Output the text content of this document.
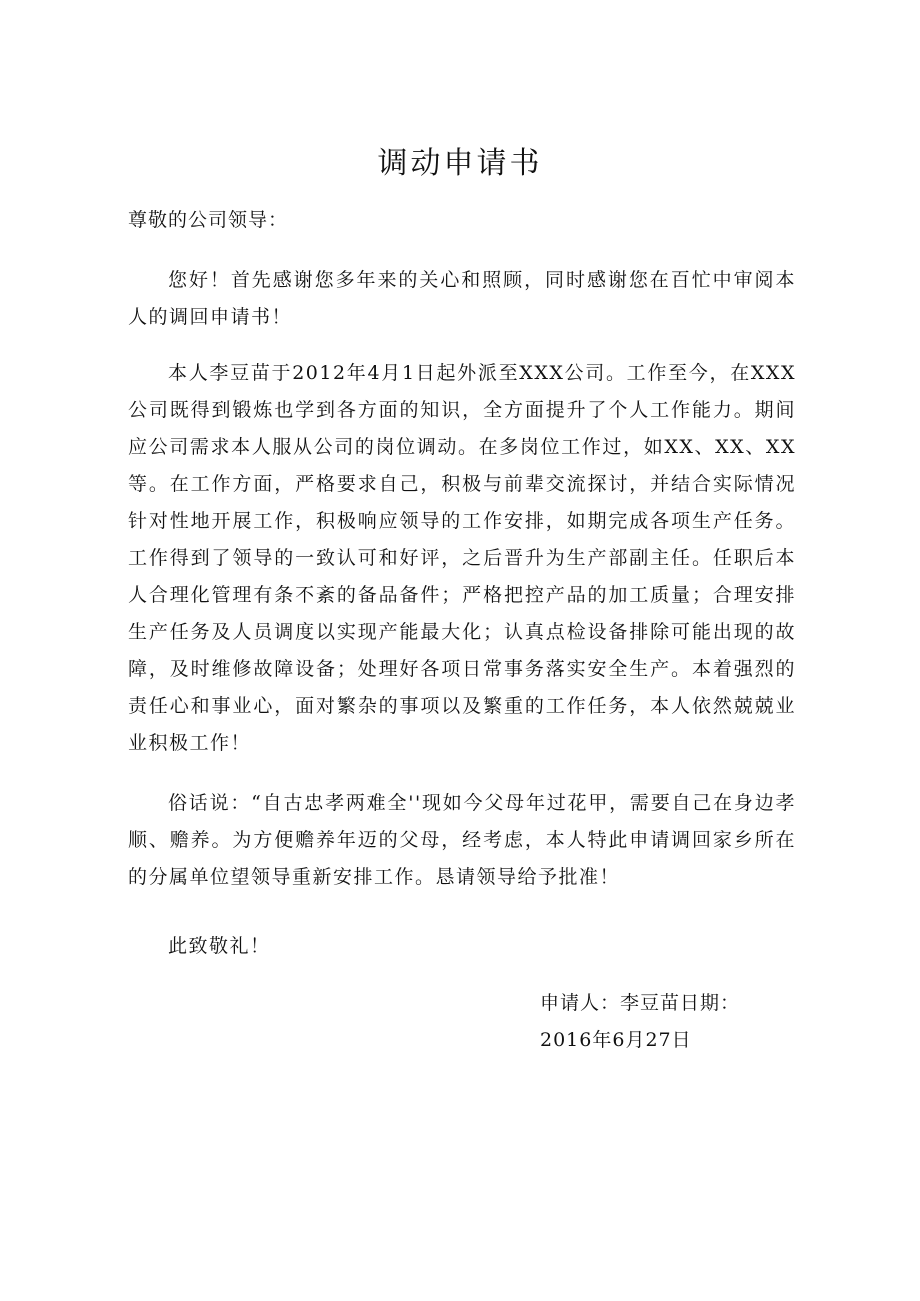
调动申请书

尊敬的公司领导：

您好！首先感谢您多年来的关心和照顾，同时感谢您在百忙中审阅本人的调回申请书！

本人李豆苗于2012年4月1日起外派至XXX公司。工作至今，在XXX公司既得到锻炼也学到各方面的知识，全方面提升了个人工作能力。期间应公司需求本人服从公司的岗位调动。在多岗位工作过，如XX、XX、XX等。在工作方面，严格要求自己，积极与前辈交流探讨，并结合实际情况针对性地开展工作，积极响应领导的工作安排，如期完成各项生产任务。工作得到了领导的一致认可和好评，之后晋升为生产部副主任。任职后本人合理化管理有条不紊的备品备件；严格把控产品的加工质量；合理安排生产任务及人员调度以实现产能最大化；认真点检设备排除可能出现的故障，及时维修故障设备；处理好各项日常事务落实安全生产。本着强烈的责任心和事业心，面对繁杂的事项以及繁重的工作任务，本人依然兢兢业业积极工作！

俗话说：“自古忠孝两难全''现如今父母年过花甲，需要自己在身边孝顺、赡养。为方便赡养年迈的父母，经考虑，本人特此申请调回家乡所在的分属单位望领导重新安排工作。恳请领导给予批准！

此致敬礼！

申请人：李豆苗日期：2016年6月27日
